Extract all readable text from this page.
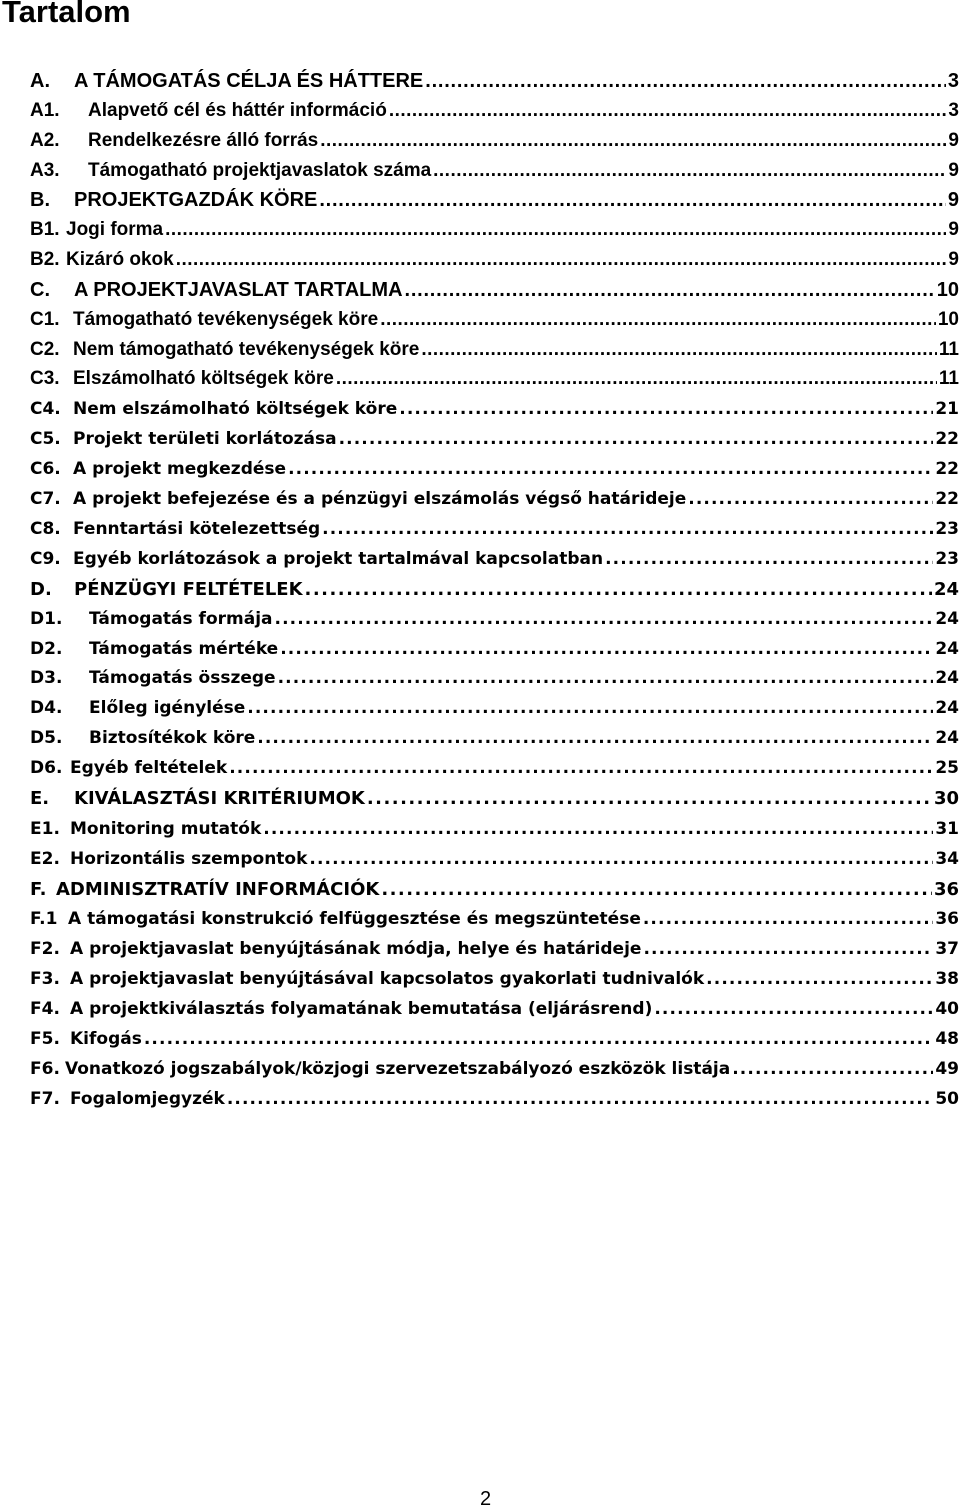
Tartalom
A.	A TÁMOGATÁS CÉLJA ÉS HÁTTERE . . .	3
A1.	Alapvető cél és háttér információ . . .	3
A2.	Rendelkezésre álló forrás . . .	9
A3.	Támogatható projektjavaslatok száma . . .	9
B.	PROJEKTGAZDÁK KÖRE . . .	9
B1. Jogi forma . . .	9
B2. Kizáró okok . . .	9
C.	A PROJEKTJAVASLAT TARTALMA . . .	10
C1. Támogatható tevékenységek köre . . .	10
C2. Nem támogatható tevékenységek köre . . .	11
C3. Elszámolható költségek köre . . .	11
C4. Nem elszámolható költségek köre . . .	21
C5. Projekt területi korlátozása . . .	22
C6. A projekt megkezdése . . .	22
C7. A projekt befejezése és a pénzügyi elszámolás végső határideje . . .	22
C8. Fenntartási kötelezettség . . .	23
C9. Egyéb korlátozások a projekt tartalmával kapcsolatban . . .	23
D.	PÉNZÜGYI FELTÉTELEK . . .	24
D1.	Támogatás formája . . .	24
D2.	Támogatás mértéke . . .	24
D3.	Támogatás összege . . .	24
D4.	Előleg igénylése . . .	24
D5.	Biztosítékok köre . . .	24
D6. Egyéb feltételek . . .	25
E.	KIVÁLASZTÁSI KRITÉRIUMOK . . .	30
E1. Monitoring mutatók . . .	31
E2. Horizontális szempontok . . .	34
F. ADMINISZTRATÍV INFORMÁCIÓK . . .	36
F.1 A támogatási konstrukció felfüggesztése és megszüntetése . . .	36
F2. A projektjavaslat benyújtásának módja, helye és határideje . . .	37
F3. A projektjavaslat benyújtásával kapcsolatos gyakorlati tudnivalók . . .	38
F4. A projektkiválasztás folyamatának bemutatása (eljárásrend) . . .	40
F5. Kifogás . . .	48
F6. Vonatkozó jogszabályok/közjogi szervezetszabályozó eszközök listája . . .	49
F7. Fogalomjegyzék . . .	50
2
